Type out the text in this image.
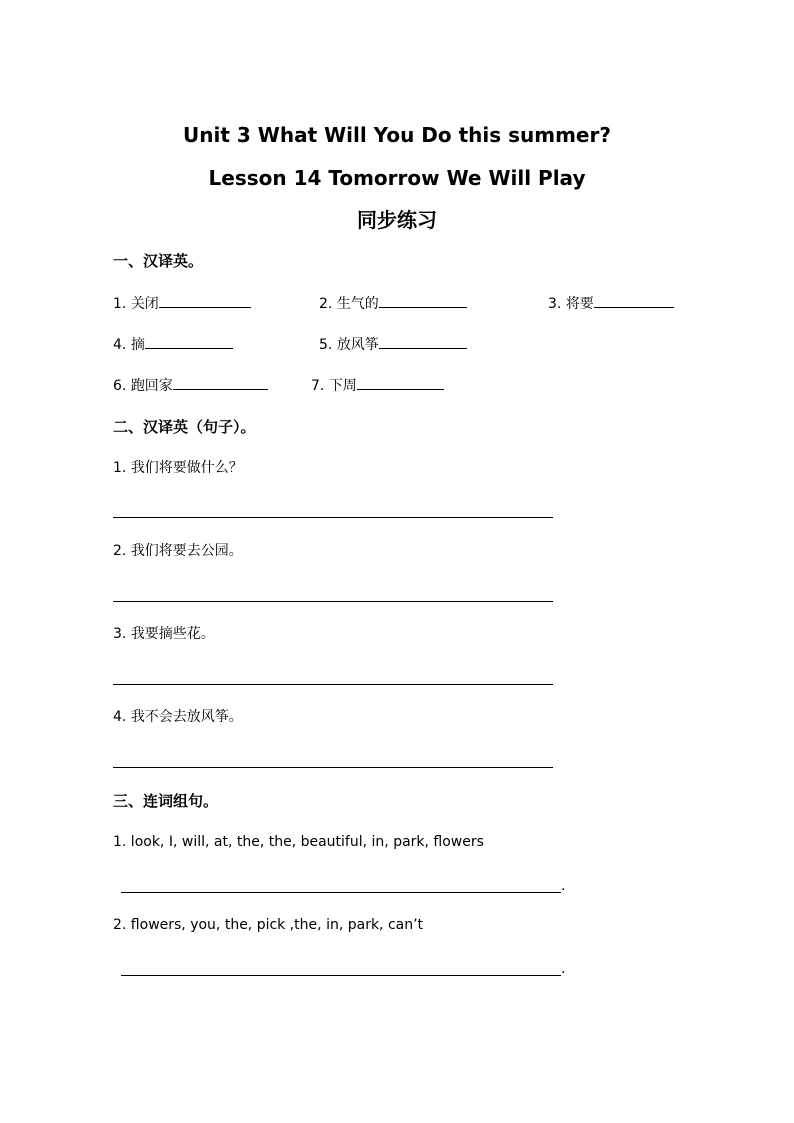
Unit 3 What Will You Do this summer?
Lesson 14 Tomorrow We Will Play
同步练习
一、汉译英。
1. 关闭	2. 生气的	3. 将要
4. 摘	5. 放风筝
6. 跑回家	7. 下周
二、汉译英（句子）。
1. 我们将要做什么？
2. 我们将要去公园。
3. 我要摘些花。
4. 我不会去放风筝。
三、连词组句。
1. look, I, will, at, the, the, beautiful, in, park, flowers
.
2. flowers, you, the, pick ,the, in, park, can’t
.
